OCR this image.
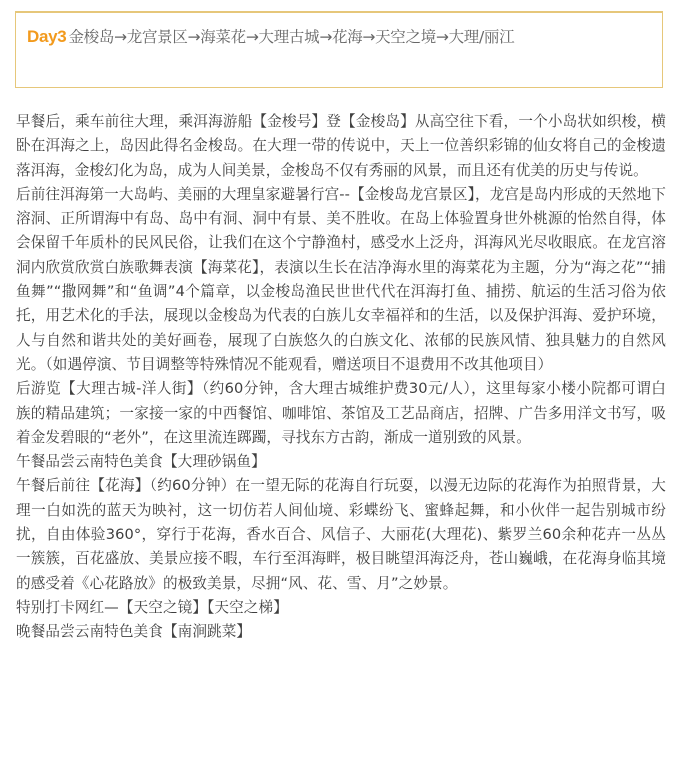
Day3 金梭岛→龙宫景区→海菜花→大理古城→花海→天空之境→大理/丽江

早餐后，乘车前往大理，乘洱海游船【金梭号】登【金梭岛】从高空往下看，一个小岛状如织梭，横卧在洱海之上，岛因此得名金梭岛。在大理一带的传说中，天上一位善织彩锦的仙女将自己的金梭遗落洱海，金梭幻化为岛，成为人间美景，金梭岛不仅有秀丽的风景，而且还有优美的历史与传说。

后前往洱海第一大岛屿、美丽的大理皇家避暑行宫--【金梭岛龙宫景区】，龙宫是岛内形成的天然地下溶洞、正所谓海中有岛、岛中有洞、洞中有景、美不胜收。在岛上体验置身世外桃源的怡然自得，体会保留千年质朴的民风民俗，让我们在这个宁静渔村，感受水上泛舟，洱海风光尽收眼底。在龙宫溶洞内欣赏欣赏白族歌舞表演【海菜花】，表演以生长在洁净海水里的海菜花为主题，分为“海之花”“捕鱼舞”“撒网舞”和“鱼调”4个篇章，以金梭岛渔民世世代代在洱海打鱼、捕捞、航运的生活习俗为依托，用艺术化的手法，展现以金梭岛为代表的白族儿女幸福祥和的生活，以及保护洱海、爱护环境，人与自然和谐共处的美好画卷，展现了白族悠久的白族文化、浓郁的民族风情、独具魅力的自然风光。（如遇停演、节目调整等特殊情况不能观看，赠送项目不退费用不改其他项目）

后游览【大理古城-洋人街】（约60分钟，含大理古城维护费30元/人），这里每家小楼小院都可谓白族的精品建筑；一家接一家的中西餐馆、咖啡馆、茶馆及工艺品商店，招牌、广告多用洋文书写，吸着金发碧眼的“老外”，在这里流连踯躅，寻找东方古韵，渐成一道别致的风景。

午餐品尝云南特色美食【大理砂锅鱼】

午餐后前往【花海】（约60分钟）在一望无际的花海自行玩耍，以漫无边际的花海作为拍照背景，大理一白如洗的蓝天为映衬，这一切仿若人间仙境、彩蝶纷飞、蜜蜂起舞，和小伙伴一起告别城市纷扰，自由体验360°，穿行于花海，香水百合、风信子、大丽花(大理花)、紫罗兰60余种花卉一丛丛一簇簇，百花盛放、美景应接不暇，车行至洱海畔，极目眺望洱海泛舟，苍山巍峨，在花海身临其境的感受着《心花路放》的极致美景，尽拥“风、花、雪、月”之妙景。

特别打卡网红—【天空之镜】【天空之梯】

晚餐品尝云南特色美食【南涧跳菜】
